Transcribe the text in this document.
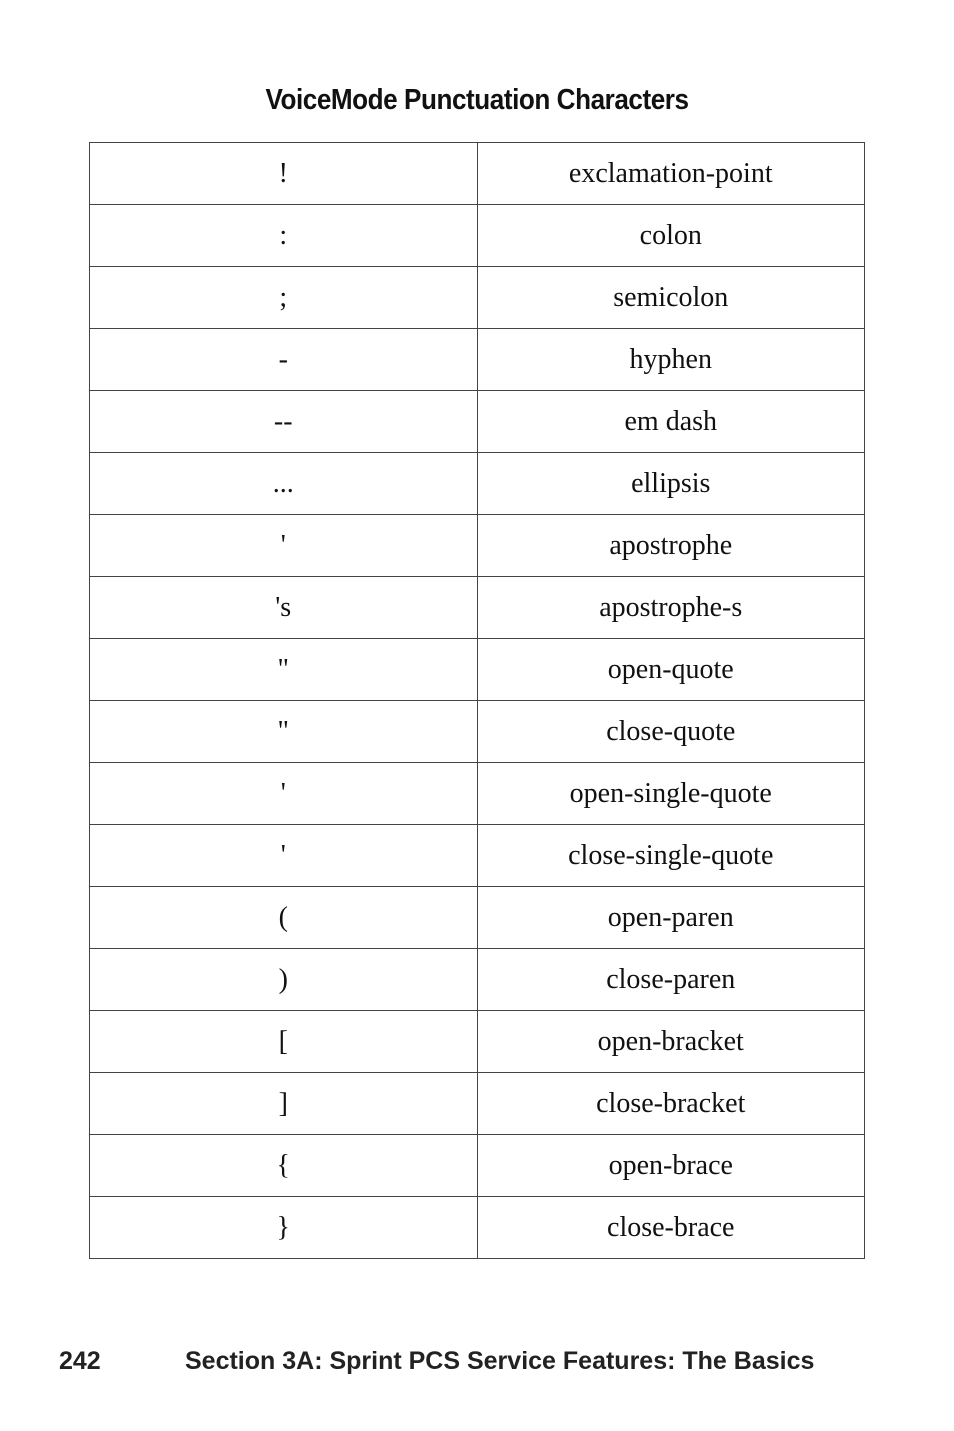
VoiceMode Punctuation Characters
!	exclamation-point
:	colon
;	semicolon
-	hyphen
--	em dash
...	ellipsis
'	apostrophe
's	apostrophe-s
"	open-quote
"	close-quote
'	open-single-quote
'	close-single-quote
(	open-paren
)	close-paren
[	open-bracket
]	close-bracket
{	open-brace
}	close-brace
242	Section 3A: Sprint PCS Service Features: The Basics
